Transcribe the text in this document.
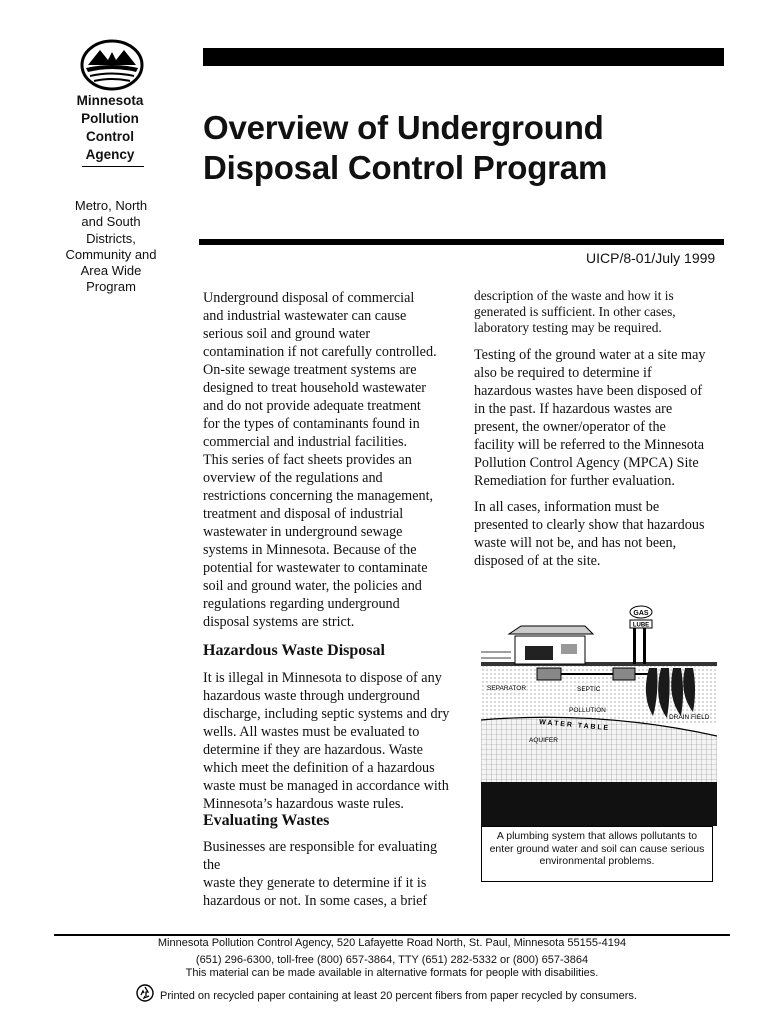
Minnesota
Pollution
Control
Agency
Metro, North
and South
Districts,
Community and
Area Wide
Program
Overview of Underground
Disposal Control Program
UICP/8-01/July 1999
Underground disposal of commercial
and industrial wastewater can cause
serious soil and ground water
contamination if not carefully controlled.
On-site sewage treatment systems are
designed to treat household wastewater
and do not provide adequate treatment
for the types of contaminants found in
commercial and industrial facilities.
This series of fact sheets provides an
overview of the regulations and
restrictions concerning the management,
treatment and disposal of industrial
wastewater in underground sewage
systems in Minnesota. Because of the
potential for wastewater to contaminate
soil and ground water, the policies and
regulations regarding underground
disposal systems are strict.
Hazardous Waste Disposal
It is illegal in Minnesota to dispose of any
hazardous waste through underground
discharge, including septic systems and dry
wells. All wastes must be evaluated to
determine if they are hazardous. Waste
which meet the definition of a hazardous
waste must be managed in accordance with
Minnesota’s hazardous waste rules.
Evaluating Wastes
Businesses are responsible for evaluating the
waste they generate to determine if it is
hazardous or not. In some cases, a brief
description of the waste and how it is
generated is sufficient. In other cases,
laboratory testing may be required.
Testing of the ground water at a site may
also be required to determine if
hazardous wastes have been disposed of
in the past. If hazardous wastes are
present, the owner/operator of the
facility will be referred to the Minnesota
Pollution Control Agency (MPCA) Site
Remediation for further evaluation.
In all cases, information must be
presented to clearly show that hazardous
waste will not be, and has not been,
disposed of at the site.
GAS
LUBE
SEPARATOR	SEPTIC
POLLUTION
DRAIN FIELD
W A T E R   T A B L E
AQUIFER
A plumbing system that allows pollutants to
enter ground water and soil can cause serious
environmental problems.
Minnesota Pollution Control Agency, 520 Lafayette Road North, St. Paul, Minnesota 55155-4194
(651) 296-6300, toll-free (800) 657-3864, TTY (651) 282-5332 or (800) 657-3864
This material can be made available in alternative formats for people with disabilities.
Printed on recycled paper containing at least 20 percent fibers from paper recycled by consumers.
